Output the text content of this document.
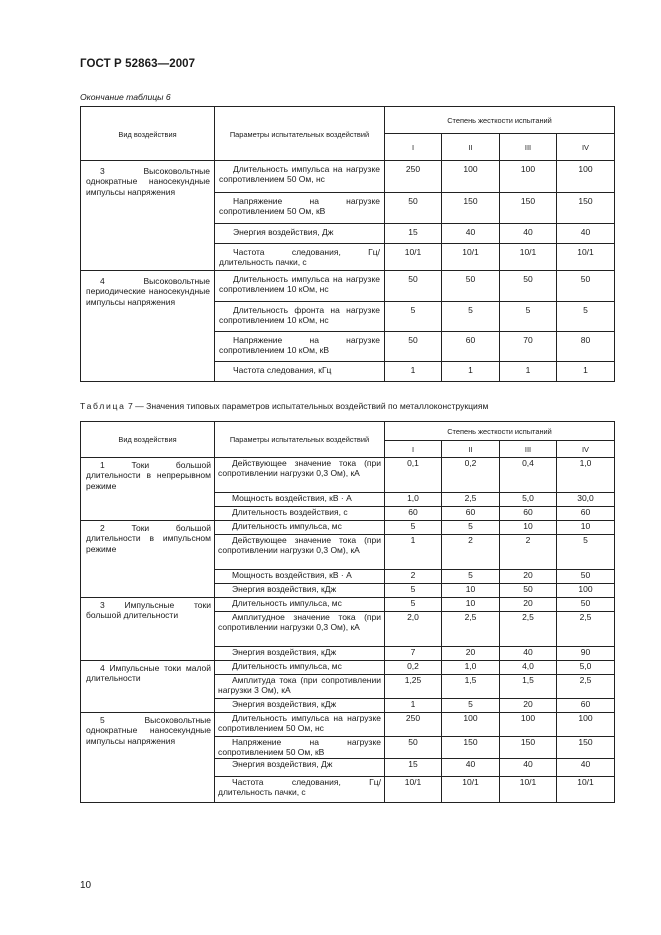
ГОСТ Р 52863—2007
Окончание таблицы 6
Вид воздействия	Параметры испытательных воздействий	Степень жесткости испытаний			
		I	II	III	IV
3 Высоковольтные однократные наносекундные импульсы напряжения	Длительность импульса на нагрузке сопротивлением 50 Ом, нс	250	100	100	100
	Напряжение на нагрузке сопротивлением 50 Ом, кВ	50	150	150	150
	Энергия воздействия, Дж	15	40	40	40
	Частота следования, Гц/длительность пачки, с	10/1	10/1	10/1	10/1
4 Высоковольтные периодические наносекундные импульсы напряжения	Длительность импульса на нагрузке сопротивлением 10 кОм, нс	50	50	50	50
	Длительность фронта на нагрузке сопротивлением 10 кОм, нс	5	5	5	5
	Напряжение на нагрузке сопротивлением 10 кОм, кВ	50	60	70	80
	Частота следования, кГц	1	1	1	1
Таблица 7 — Значения типовых параметров испытательных воздействий по металлоконструкциям
Вид воздействия	Параметры испытательных воздействий	Степень жесткости испытаний			
		I	II	III	IV
1 Токи большой длительности в непрерывном режиме	Действующее значение тока (при сопротивлении нагрузки 0,3 Ом), кА	0,1	0,2	0,4	1,0
	Мощность воздействия, кВ · А	1,0	2,5	5,0	30,0
	Длительность воздействия, с	60	60	60	60
2 Токи большой длительности в импульсном режиме	Длительность импульса, мс	5	5	10	10
	Действующее значение тока (при сопротивлении нагрузки 0,3 Ом), кА	1	2	2	5
	Мощность воздействия, кВ · А	2	5	20	50
	Энергия воздействия, кДж	5	10	50	100
3 Импульсные токи большой длительности	Длительность импульса, мс	5	10	20	50
	Амплитудное значение тока (при сопротивлении нагрузки 0,3 Ом), кА	2,0	2,5	2,5	2,5
	Энергия воздействия, кДж	7	20	40	90
4 Импульсные токи малой длительности	Длительность импульса, мс	0,2	1,0	4,0	5,0
	Амплитуда тока (при сопротивлении нагрузки 3 Ом), кА	1,25	1,5	1,5	2,5
	Энергия воздействия, кДж	1	5	20	60
5 Высоковольтные однократные наносекундные импульсы напряжения	Длительность импульса на нагрузке сопротивлением 50 Ом, нс	250	100	100	100
	Напряжение на нагрузке сопротивлением 50 Ом, кВ	50	150	150	150
	Энергия воздействия, Дж	15	40	40	40
	Частота следования, Гц/длительность пачки, с	10/1	10/1	10/1	10/1
10
